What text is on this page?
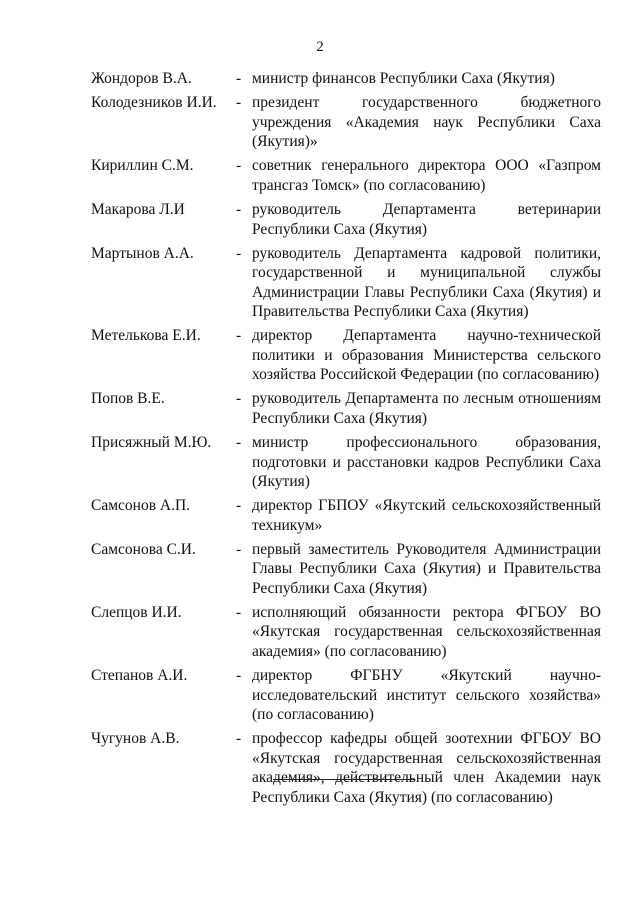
2
Жондоров В.А.	- министр финансов Республики Саха (Якутия)
Колодезников И.И.	- президент государственного бюджетного учреждения «Академия наук Республики Саха (Якутия)»
Кириллин С.М.	- советник генерального директора ООО «Газпром трансгаз Томск» (по согласованию)
Макарова Л.И	- руководитель Департамента ветеринарии Республики Саха (Якутия)
Мартынов А.А.	- руководитель Департамента кадровой политики, государственной и муниципальной службы Администрации Главы Республики Саха (Якутия) и Правительства Республики Саха (Якутия)
Метелькова Е.И.	- директор Департамента научно-технической политики и образования Министерства сельского хозяйства Российской Федерации (по согласованию)
Попов В.Е.	- руководитель Департамента по лесным отношениям Республики Саха (Якутия)
Присяжный М.Ю.	- министр профессионального образования, подготовки и расстановки кадров Республики Саха (Якутия)
Самсонов А.П.	- директор ГБПОУ «Якутский сельскохозяйственный техникум»
Самсонова С.И.	- первый заместитель Руководителя Администрации Главы Республики Саха (Якутия) и Правительства Республики Саха (Якутия)
Слепцов И.И.	- исполняющий обязанности ректора ФГБОУ ВО «Якутская государственная сельскохозяйственная академия» (по согласованию)
Степанов А.И.	- директор ФГБНУ «Якутский научно-исследовательский институт сельского хозяйства» (по согласованию)
Чугунов А.В.	- профессор кафедры общей зоотехнии ФГБОУ ВО «Якутская государственная сельскохозяйственная академия», действительный член Академии наук Республики Саха (Якутия) (по согласованию)
